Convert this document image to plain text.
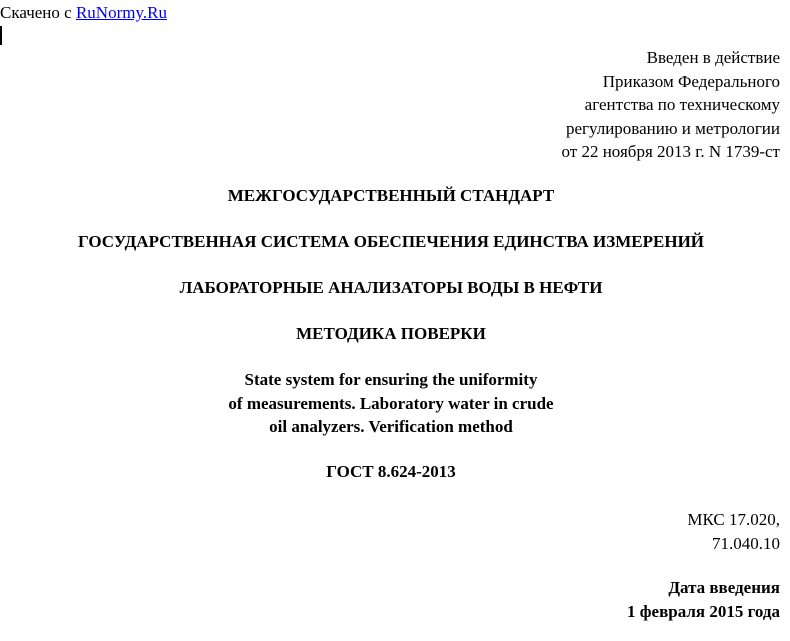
Скачено с RuNormy.Ru
Введен в действие
Приказом Федерального
агентства по техническому
регулированию и метрологии
от 22 ноября 2013 г. N 1739-ст
МЕЖГОСУДАРСТВЕННЫЙ СТАНДАРТ
ГОСУДАРСТВЕННАЯ СИСТЕМА ОБЕСПЕЧЕНИЯ ЕДИНСТВА ИЗМЕРЕНИЙ
ЛАБОРАТОРНЫЕ АНАЛИЗАТОРЫ ВОДЫ В НЕФТИ
МЕТОДИКА ПОВЕРКИ
State system for ensuring the uniformity
of measurements. Laboratory water in crude
oil analyzers. Verification method
ГОСТ 8.624-2013
МКС 17.020,
71.040.10
Дата введения
1 февраля 2015 года
